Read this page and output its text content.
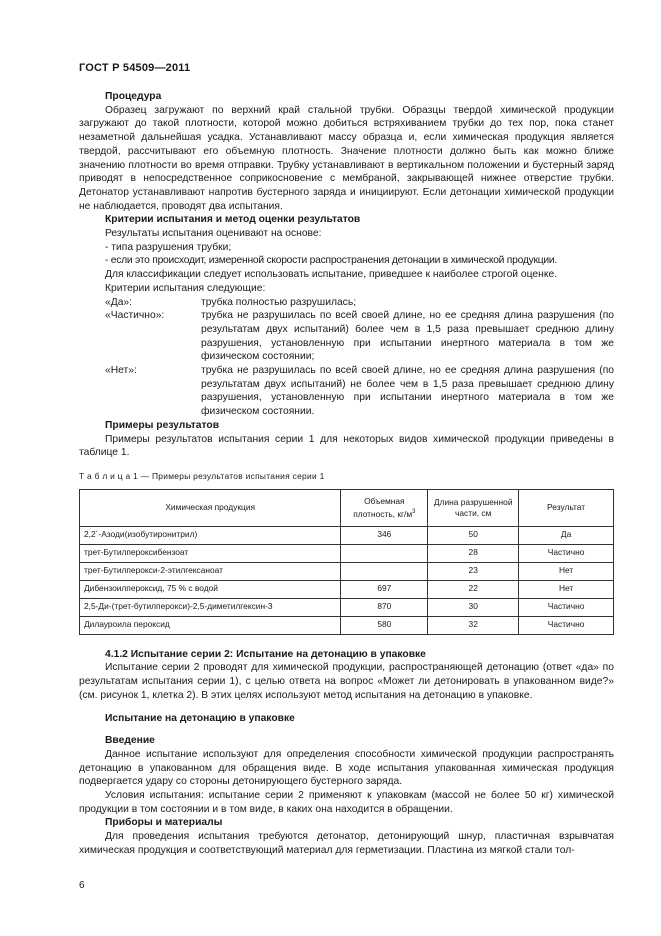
ГОСТ Р 54509—2011
Процедура

Образец загружают по верхний край стальной трубки. Образцы твердой химической продукции загружают до такой плотности, которой можно добиться встряхиванием трубки до тех пор, пока станет незаметной дальнейшая усадка. Устанавливают массу образца и, если химическая продукция является твердой, рассчитывают его объемную плотность. Значение плотности должно быть как можно ближе значению плотности во время отправки. Трубку устанавливают в вертикальном положении и бустерный заряд приводят в непосредственное соприкосновение с мембраной, закрывающей нижнее отверстие трубки. Детонатор устанавливают напротив бустерного заряда и инициируют. Если детонации химической продукции не наблюдается, проводят два испытания.

Критерии испытания и метод оценки результатов

Результаты испытания оценивают на основе:

- типа разрушения трубки;

- если это происходит, измеренной скорости распространения детонации в химической продукции.

Для классификации следует использовать испытание, приведшее к наиболее строгой оценке.

Критерии испытания следующие:

«Да»:	трубка полностью разрушилась;
«Частично»:	трубка не разрушилась по всей своей длине, но ее средняя длина разрушения (по результатам двух испытаний) более чем в 1,5 раза превышает среднюю длину разрушения, установленную при испытании инертного материала в том же физическом состоянии;
«Нет»:	трубка не разрушилась по всей своей длине, но ее средняя длина разрушения (по результатам двух испытаний) не более чем в 1,5 раза превышает среднюю длину разрушения, установленную при испытании инертного материала в том же физическом состоянии.
Примеры результатов

Примеры результатов испытания серии 1 для некоторых видов химической продукции приведены в таблице 1.

Т а б л и ц а 1 — Примеры результатов испытания серии 1
Химическая продукция	Объемная плотность, $кг/м^3$	Длина разрушенной части, см	Результат
2,2´-Азоди(изобутиронитрил)	346	50	Да
трет-Бутилпероксибензоат		28	Частично
трет-Бутилперокси-2-этилгексаноат		23	Нет
Дибензоилпероксид, 75 % с водой	697	22	Нет
2,5-Ди-(трет-бутилперокси)-2,5-диметилгексин-3	870	30	Частично
Дилауроила пероксид	580	32	Частично
4.1.2 Испытание серии 2: Испытание на детонацию в упаковке

Испытание серии 2 проводят для химической продукции, распространяющей детонацию (ответ «да» по результатам испытания серии 1), с целью ответа на вопрос «Может ли детонировать в упакованном виде?» (см. рисунок 1, клетка 2). В этих целях используют метод испытания на детонацию в упаковке.

Испытание на детонацию в упаковке
Введение

Данное испытание используют для определения способности химической продукции распространять детонацию в упакованном для обращения виде. В ходе испытания упакованная химическая продукция подвергается удару со стороны детонирующего бустерного заряда.

Условия испытания: испытание серии 2 применяют к упаковкам (массой не более 50 кг) химической продукции в том состоянии и в том виде, в каких она находится в обращении.

Приборы и материалы

Для проведения испытания требуются детонатор, детонирующий шнур, пластичная взрывчатая химическая продукция и соответствующий материал для герметизации. Пластина из мягкой стали тол-

6
